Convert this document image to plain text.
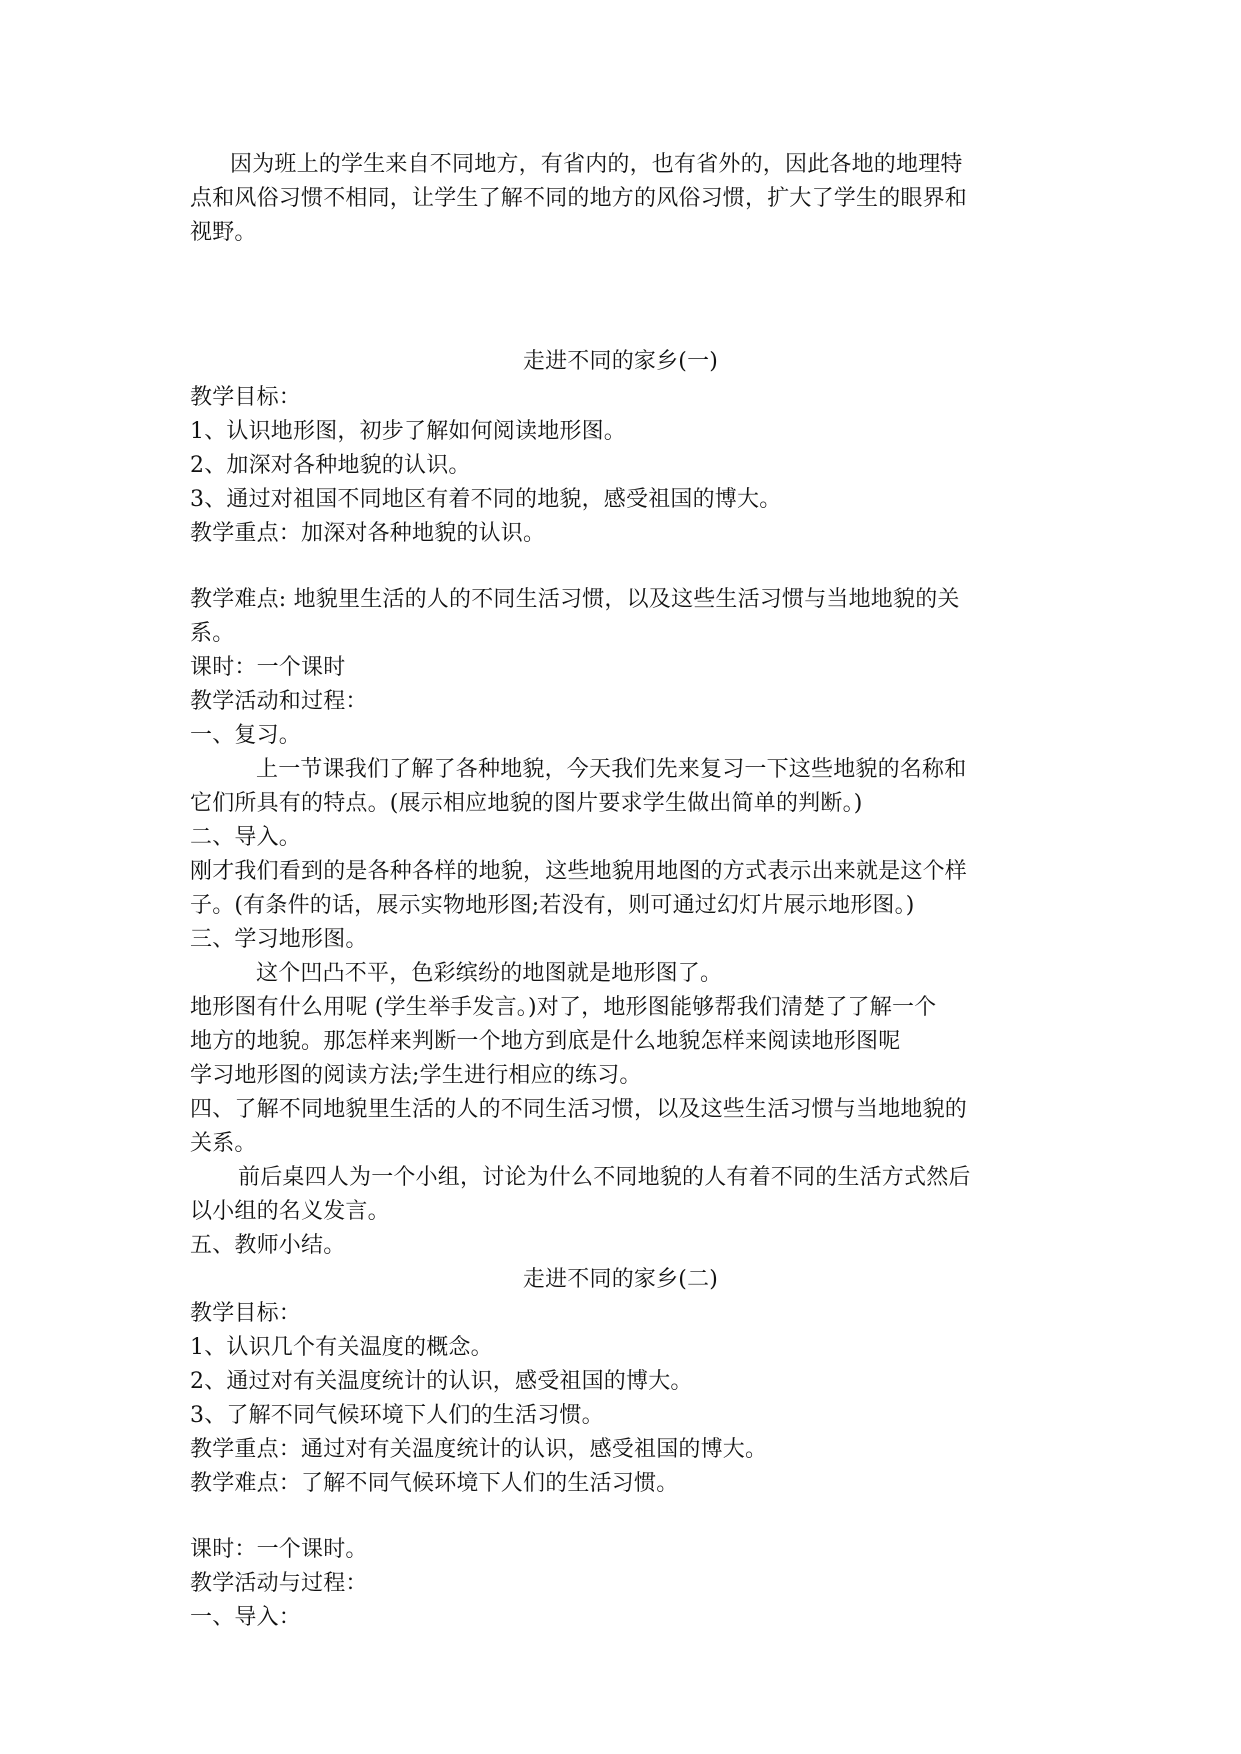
因为班上的学生来自不同地方，有省内的，也有省外的，因此各地的地理特
点和风俗习惯不相同，让学生了解不同的地方的风俗习惯，扩大了学生的眼界和
视野。
走进不同的家乡(一)
教学目标：
1、认识地形图，初步了解如何阅读地形图。
2、加深对各种地貌的认识。
3、通过对祖国不同地区有着不同的地貌，感受祖国的博大。
教学重点：加深对各种地貌的认识。
教学难点: 地貌里生活的人的不同生活习惯，以及这些生活习惯与当地地貌的关
系。
课时：一个课时
教学活动和过程：
一、复习。
上一节课我们了解了各种地貌，今天我们先来复习一下这些地貌的名称和
它们所具有的特点。(展示相应地貌的图片要求学生做出简单的判断。)
二、导入。
刚才我们看到的是各种各样的地貌，这些地貌用地图的方式表示出来就是这个样
子。(有条件的话，展示实物地形图;若没有，则可通过幻灯片展示地形图。)
三、学习地形图。
这个凹凸不平，色彩缤纷的地图就是地形图了。
地形图有什么用呢 (学生举手发言。)对了，地形图能够帮我们清楚了了解一个
地方的地貌。那怎样来判断一个地方到底是什么地貌怎样来阅读地形图呢
学习地形图的阅读方法;学生进行相应的练习。
四、了解不同地貌里生活的人的不同生活习惯，以及这些生活习惯与当地地貌的
关系。
前后桌四人为一个小组，讨论为什么不同地貌的人有着不同的生活方式然后
以小组的名义发言。
五、教师小结。
走进不同的家乡(二)
教学目标：
1、认识几个有关温度的概念。
2、通过对有关温度统计的认识，感受祖国的博大。
3、了解不同气候环境下人们的生活习惯。
教学重点：通过对有关温度统计的认识，感受祖国的博大。
教学难点：了解不同气候环境下人们的生活习惯。
课时：一个课时。
教学活动与过程：
一、导入：
